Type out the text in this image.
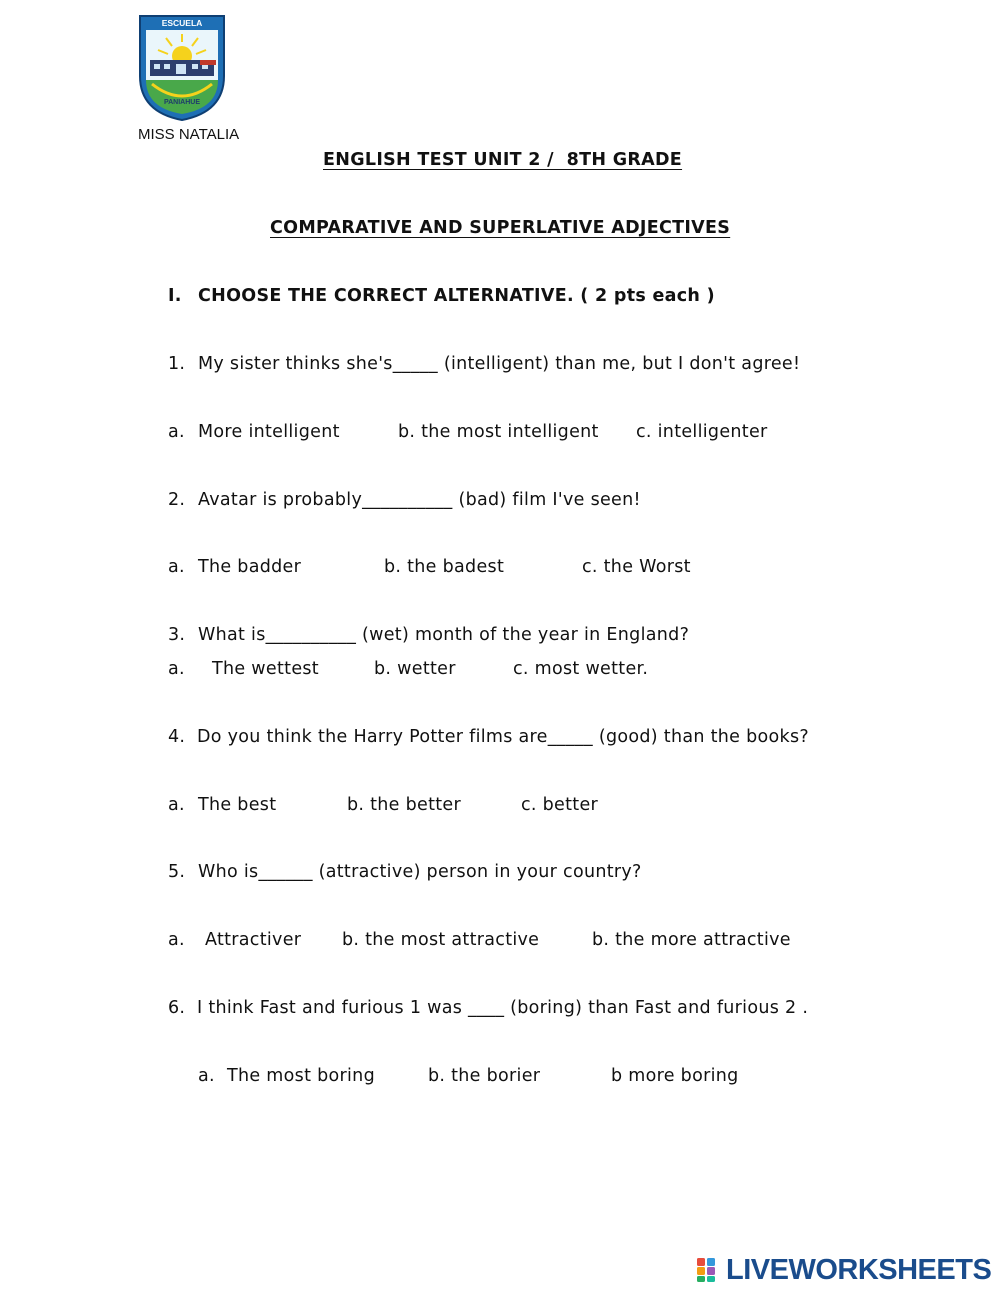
ESCUELA
PANIAHUE
MISS NATALIA
ENGLISH TEST UNIT 2 /  8TH GRADE
COMPARATIVE AND SUPERLATIVE ADJECTIVES
I. CHOOSE THE CORRECT ALTERNATIVE. ( 2 pts each )
1. My sister thinks she's_____ (intelligent) than me, but I don't agree!
a. More intelligent	b. the most intelligent c. intelligenter
2. Avatar is probably__________ (bad) film I've seen!
a. The badder	b. the badest	c. the Worst
3. What is__________ (wet) month of the year in England?
a. The wettest	b. wetter	c. most wetter.
4. Do you think the Harry Potter films are_____ (good) than the books?
a. The best	b. the better	c. better
5. Who is______ (attractive) person in your country?
a. Attractiver b. the most attractive	b. the more attractive
6. I think Fast and furious 1 was ____ (boring) than Fast and furious 2 .
a. The most boring	b. the borier	b more boring
LIVEWORKSHEETS
